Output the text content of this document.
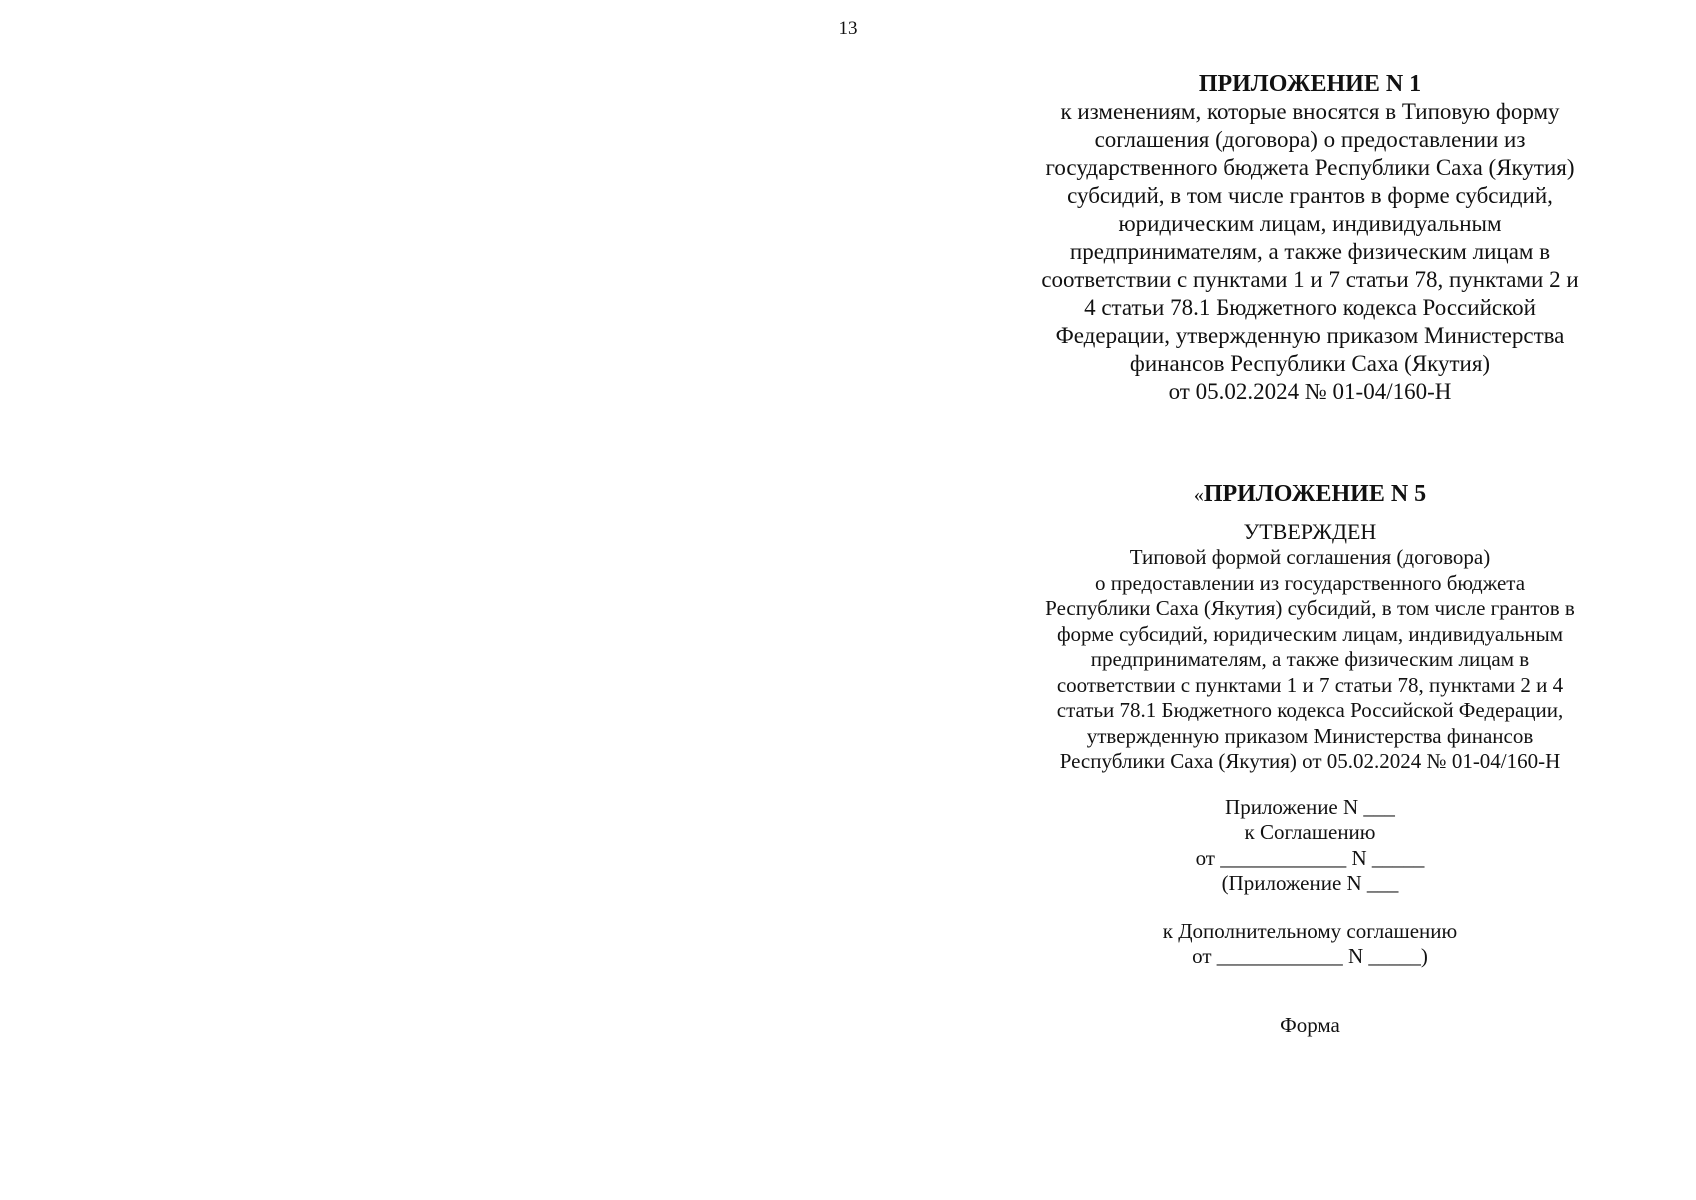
13
ПРИЛОЖЕНИЕ N 1
к изменениям, которые вносятся в Типовую форму
соглашения (договора) о предоставлении из
государственного бюджета Республики Саха (Якутия)
субсидий, в том числе грантов в форме субсидий,
юридическим лицам, индивидуальным
предпринимателям, а также физическим лицам в
соответствии с пунктами 1 и 7 статьи 78, пунктами 2 и
4 статьи 78.1 Бюджетного кодекса Российской
Федерации, утвержденную приказом Министерства
финансов Республики Саха (Якутия)
от 05.02.2024 № 01-04/160-Н
«ПРИЛОЖЕНИЕ N 5
УТВЕРЖДЕН
Типовой формой соглашения (договора)
о предоставлении из государственного бюджета
Республики Саха (Якутия) субсидий, в том числе грантов в
форме субсидий, юридическим лицам, индивидуальным
предпринимателям, а также физическим лицам в
соответствии с пунктами 1 и 7 статьи 78, пунктами 2 и 4
статьи 78.1 Бюджетного кодекса Российской Федерации,
утвержденную приказом Министерства финансов
Республики Саха (Якутия) от 05.02.2024 № 01-04/160-Н
Приложение N ___
к Соглашению
от ____________ N _____
(Приложение N ___
к Дополнительному соглашению
от ____________ N _____)
Форма
